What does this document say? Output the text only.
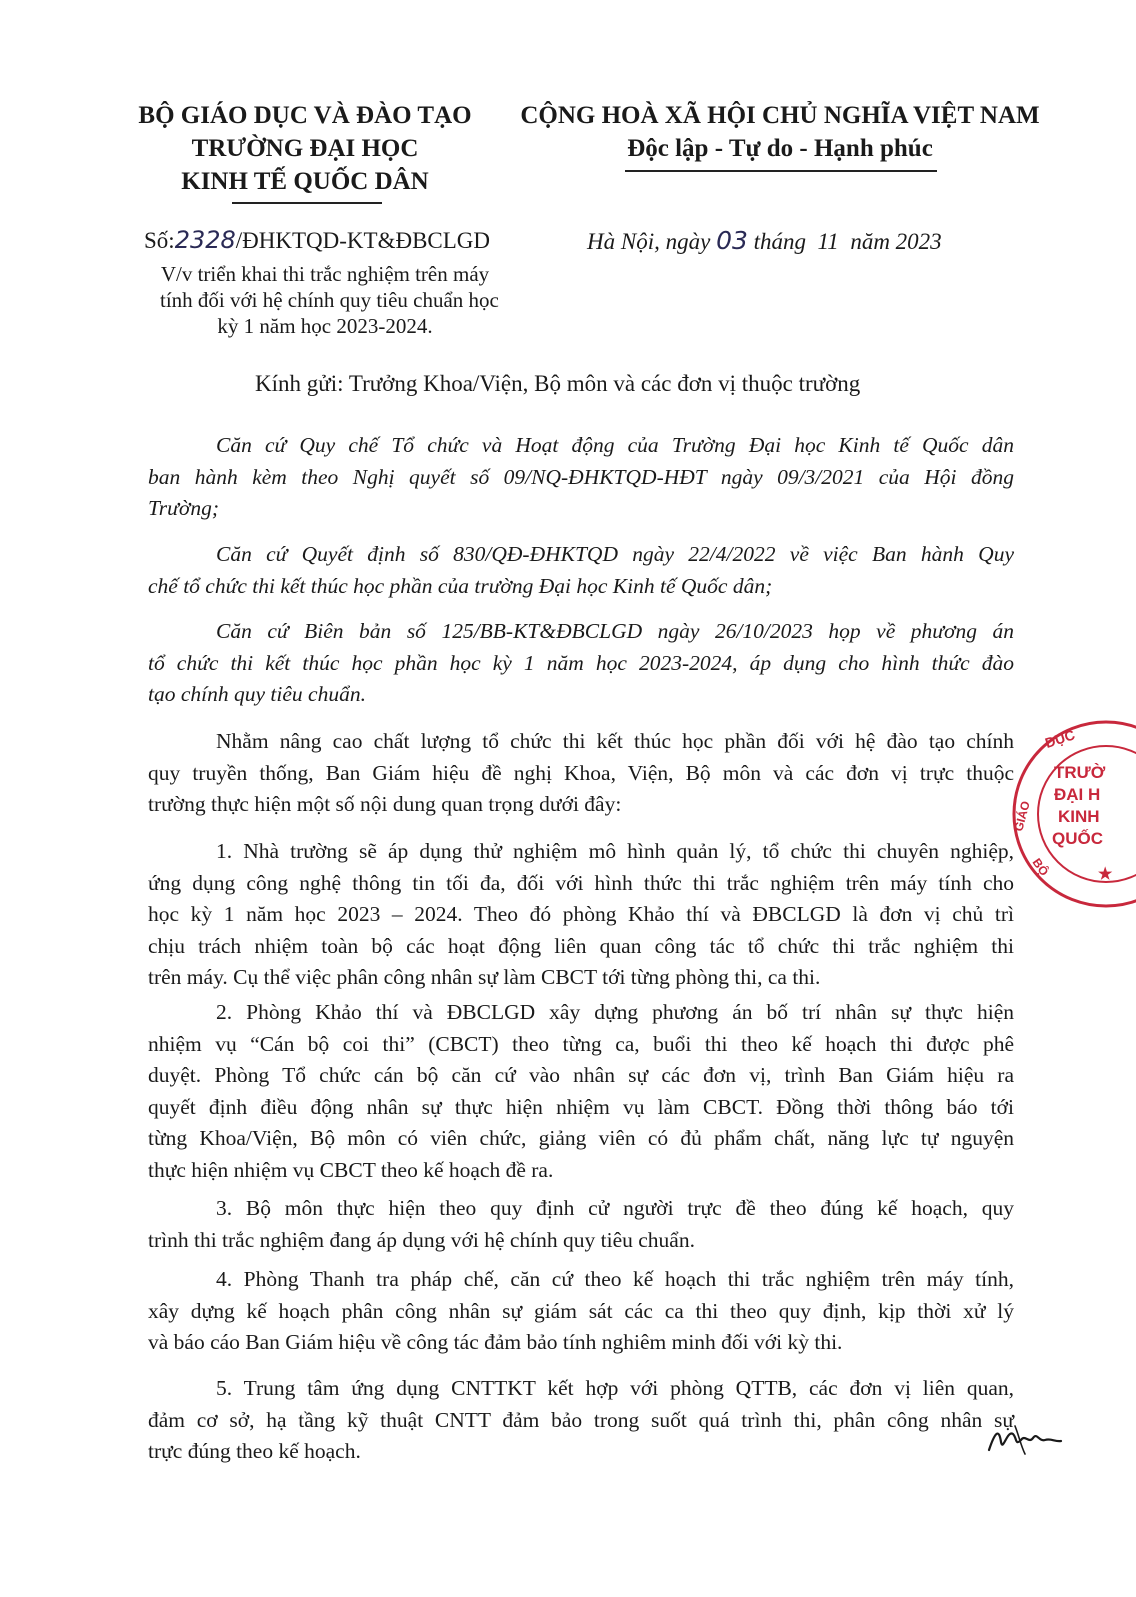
BỘ GIÁO DỤC VÀ ĐÀO TẠO
TRƯỜNG ĐẠI HỌC
KINH TẾ QUỐC DÂN
CỘNG HOÀ XÃ HỘI CHỦ NGHĨA VIỆT NAM
Độc lập - Tự do - Hạnh phúc
Số:2328/ĐHKTQD-KT&ĐBCLGD	Hà Nội, ngày 03 tháng 11 năm 2023
V/v triển khai thi trắc nghiệm trên máy
tính đối với hệ chính quy tiêu chuẩn học
kỳ 1 năm học 2023-2024.
Kính gửi: Trưởng Khoa/Viện, Bộ môn và các đơn vị thuộc trường
Căn cứ Quy chế Tổ chức và Hoạt động của Trường Đại học Kinh tế Quốc dân
ban hành kèm theo Nghị quyết số 09/NQ-ĐHKTQD-HĐT ngày 09/3/2021 của Hội đồng
Trường;
Căn cứ Quyết định số 830/QĐ-ĐHKTQD ngày 22/4/2022 về việc Ban hành Quy
chế tổ chức thi kết thúc học phần của trường Đại học Kinh tế Quốc dân;
Căn cứ Biên bản số 125/BB-KT&ĐBCLGD ngày 26/10/2023 họp về phương án
tổ chức thi kết thúc học phần học kỳ 1 năm học 2023-2024, áp dụng cho hình thức đào
tạo chính quy tiêu chuẩn.
Nhằm nâng cao chất lượng tổ chức thi kết thúc học phần đối với hệ đào tạo chính
quy truyền thống, Ban Giám hiệu đề nghị Khoa, Viện, Bộ môn và các đơn vị trực thuộc
trường thực hiện một số nội dung quan trọng dưới đây:
1. Nhà trường sẽ áp dụng thử nghiệm mô hình quản lý, tổ chức thi chuyên nghiệp,
ứng dụng công nghệ thông tin tối đa, đối với hình thức thi trắc nghiệm trên máy tính cho
học kỳ 1 năm học 2023 – 2024. Theo đó phòng Khảo thí và ĐBCLGD là đơn vị chủ trì
chịu trách nhiệm toàn bộ các hoạt động liên quan công tác tổ chức thi trắc nghiệm thi
trên máy. Cụ thể việc phân công nhân sự làm CBCT tới từng phòng thi, ca thi.
2. Phòng Khảo thí và ĐBCLGD xây dựng phương án bố trí nhân sự thực hiện
nhiệm vụ “Cán bộ coi thi” (CBCT) theo từng ca, buổi thi theo kế hoạch thi được phê
duyệt. Phòng Tổ chức cán bộ căn cứ vào nhân sự các đơn vị, trình Ban Giám hiệu ra
quyết định điều động nhân sự thực hiện nhiệm vụ làm CBCT. Đồng thời thông báo tới
từng Khoa/Viện, Bộ môn có viên chức, giảng viên có đủ phẩm chất, năng lực tự nguyện
thực hiện nhiệm vụ CBCT theo kế hoạch đề ra.
3. Bộ môn thực hiện theo quy định cử người trực đề theo đúng kế hoạch, quy
trình thi trắc nghiệm đang áp dụng với hệ chính quy tiêu chuẩn.
4. Phòng Thanh tra pháp chế, căn cứ theo kế hoạch thi trắc nghiệm trên máy tính,
xây dựng kế hoạch phân công nhân sự giám sát các ca thi theo quy định, kịp thời xử lý
và báo cáo Ban Giám hiệu về công tác đảm bảo tính nghiêm minh đối với kỳ thi.
5. Trung tâm ứng dụng CNTTKT kết hợp với phòng QTTB, các đơn vị liên quan,
đảm cơ sở, hạ tầng kỹ thuật CNTT đảm bảo trong suốt quá trình thi, phân công nhân sự
trực đúng theo kế hoạch.
DỤC
GIÁO
TRƯỜ
ĐẠI H
KINH
QUỐC
BỘ	★
